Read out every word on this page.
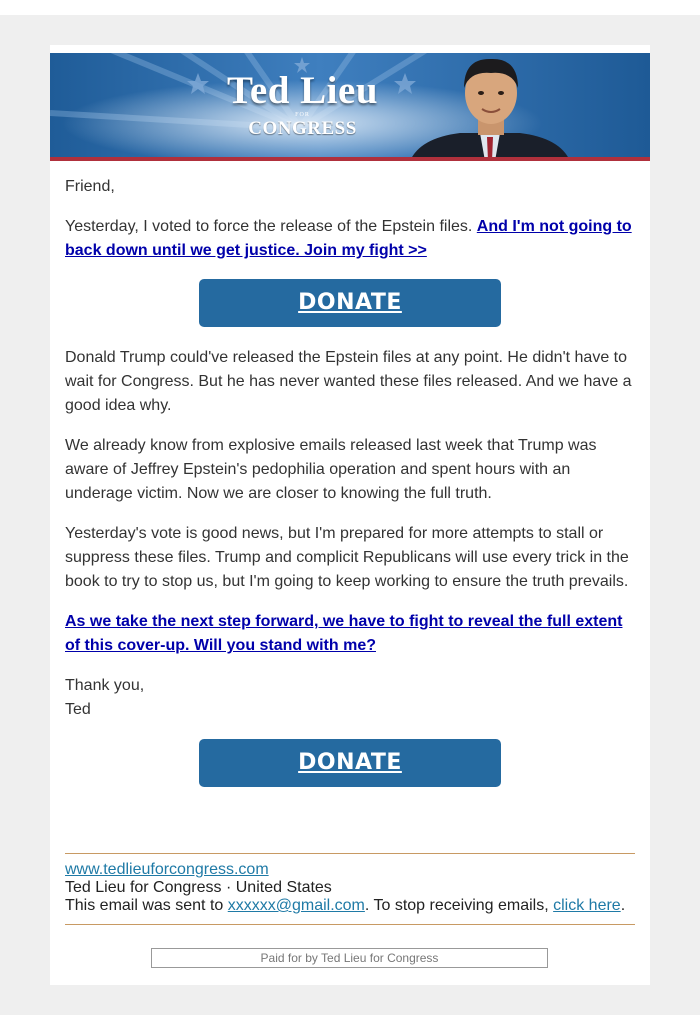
Ted Lieu
FOR
CONGRESS

Friend,

Yesterday, I voted to force the release of the Epstein files. And I'm not going to back down until we get justice. Join my fight >>

DONATE

Donald Trump could've released the Epstein files at any point. He didn't have to wait for Congress. But he has never wanted these files released. And we have a good idea why.

We already know from explosive emails released last week that Trump was aware of Jeffrey Epstein's pedophilia operation and spent hours with an underage victim. Now we are closer to knowing the full truth.

Yesterday's vote is good news, but I'm prepared for more attempts to stall or suppress these files. Trump and complicit Republicans will use every trick in the book to try to stop us, but I'm going to keep working to ensure the truth prevails.

As we take the next step forward, we have to fight to reveal the full extent of this cover-up. Will you stand with me?

Thank you,

Ted

DONATE
www.tedlieuforcongress.com
Ted Lieu for Congress · United States
This email was sent to xxxxxx@gmail.com. To stop receiving emails, click here.
Paid for by Ted Lieu for Congress
